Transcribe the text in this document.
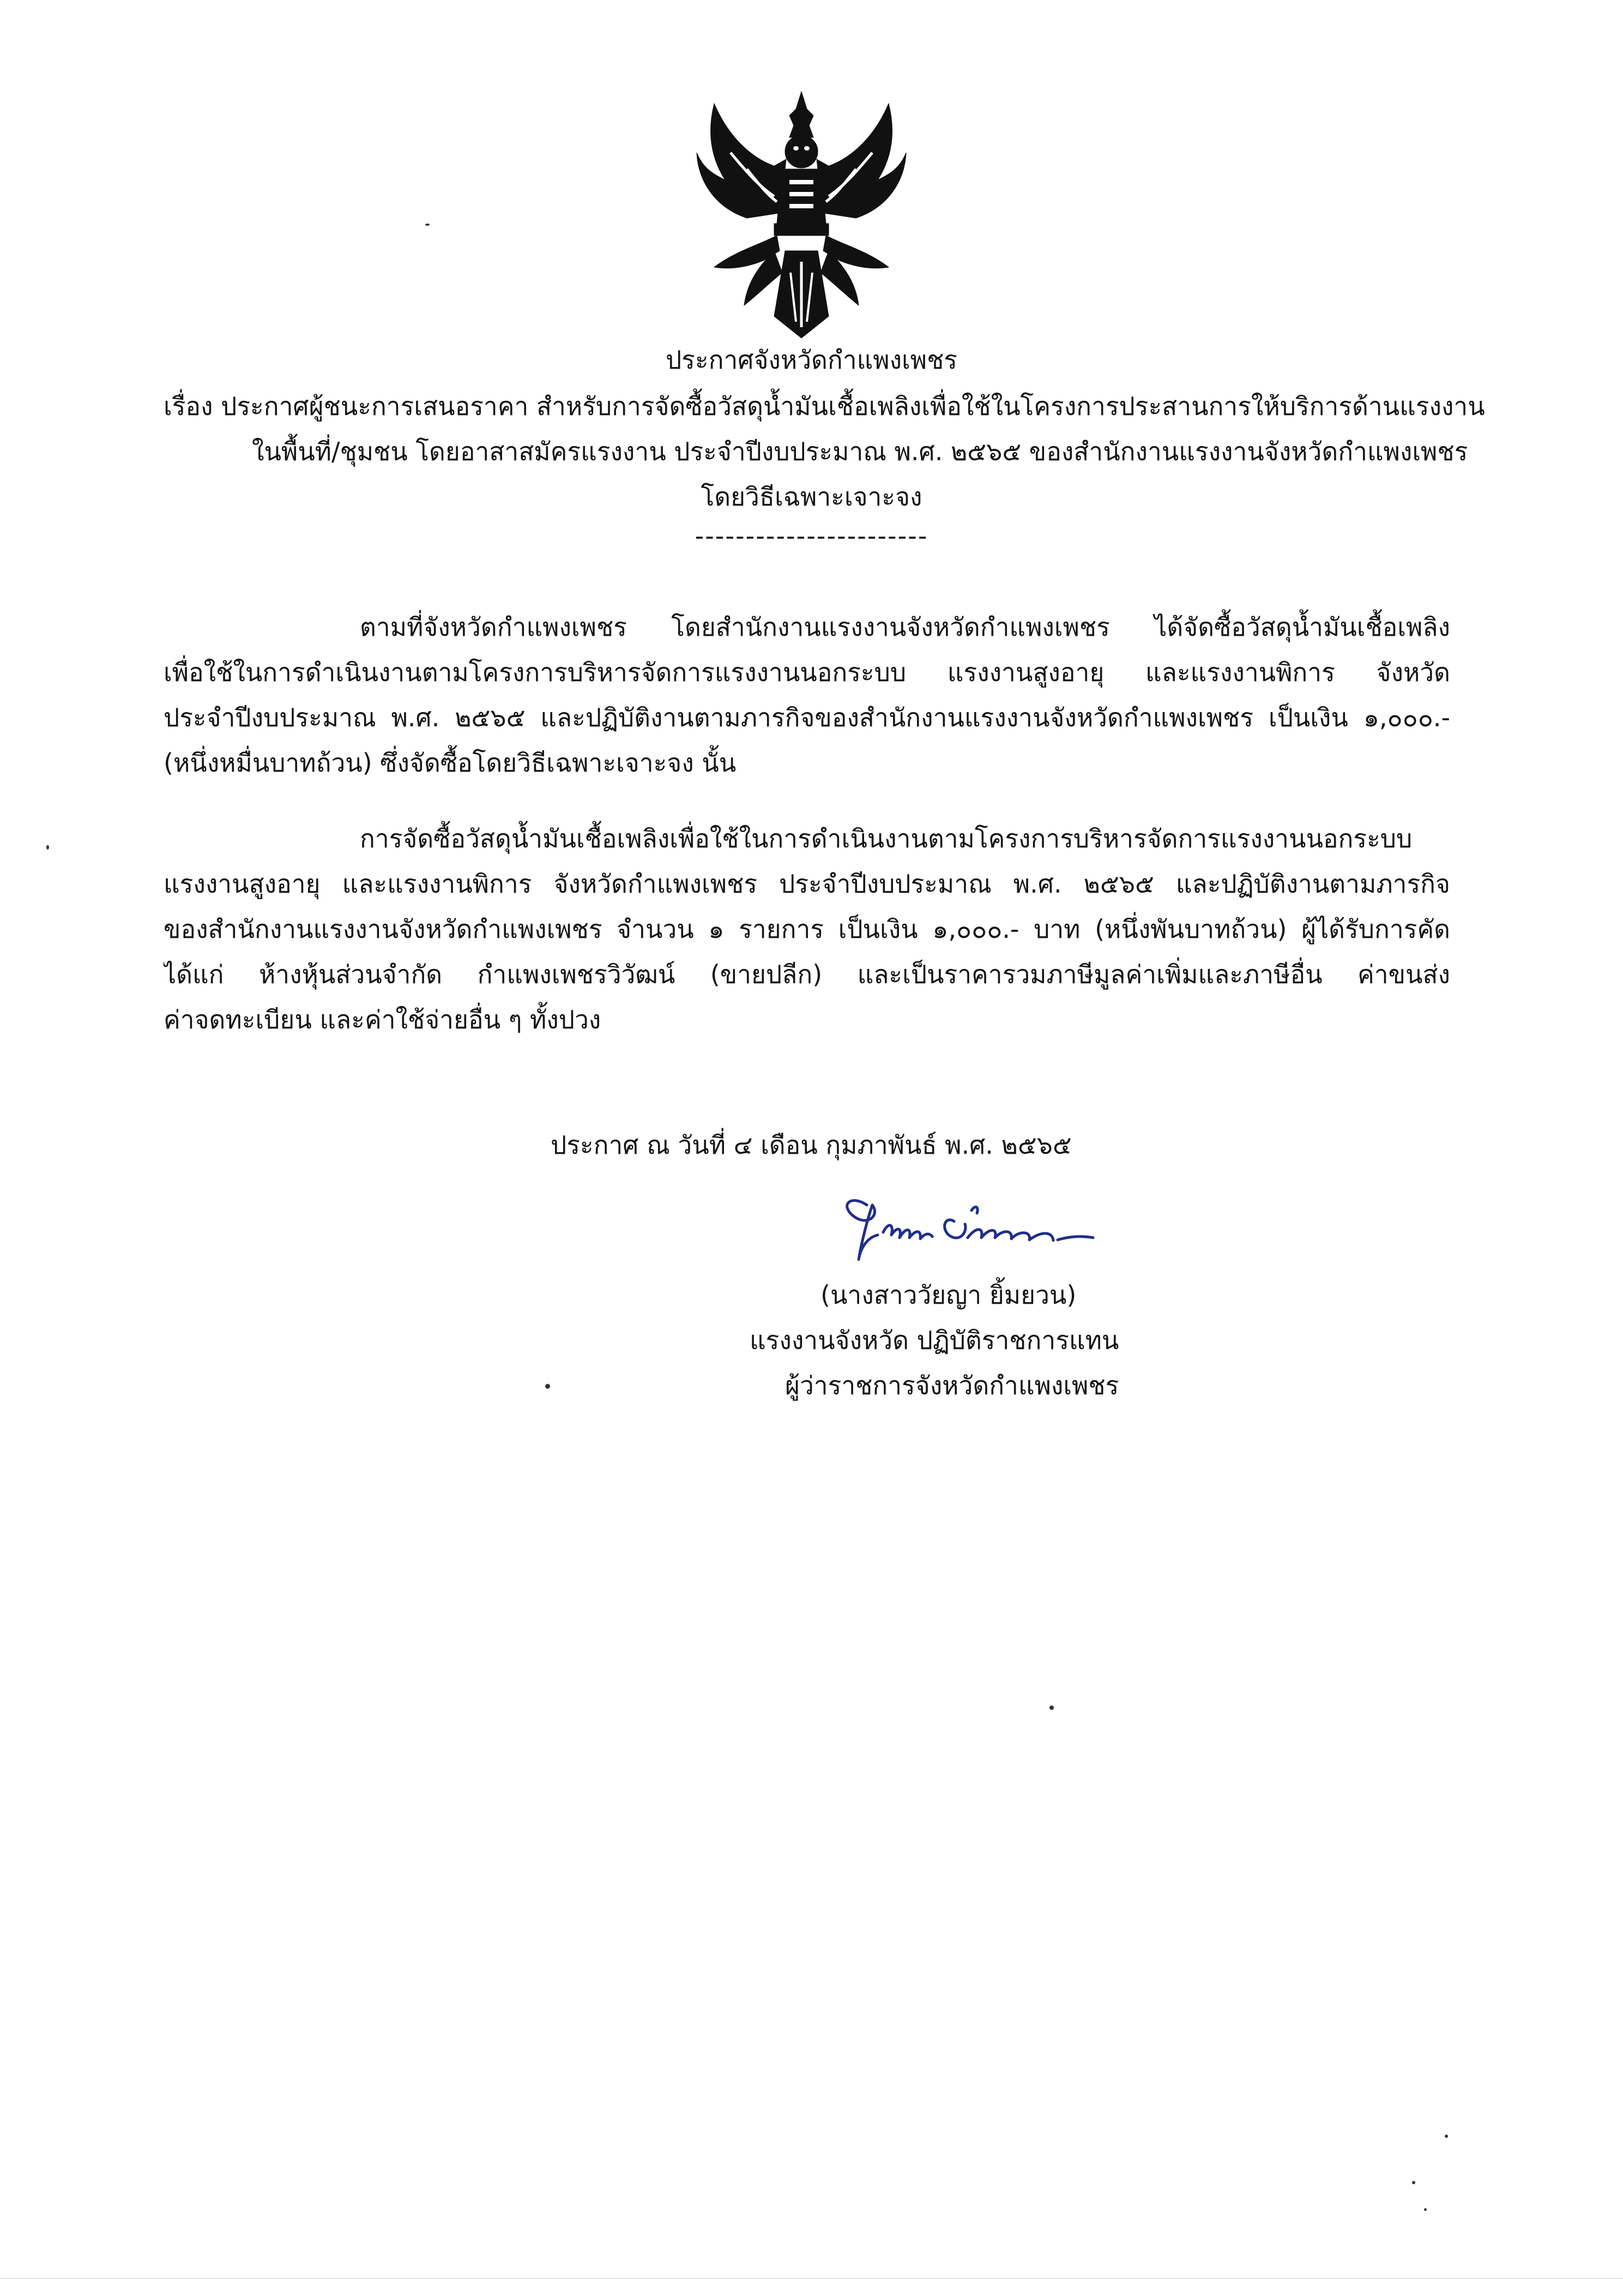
ประกาศจังหวัดกำแพงเพชร
เรื่อง ประกาศผู้ชนะการเสนอราคา สำหรับการจัดซื้อวัสดุน้ำมันเชื้อเพลิงเพื่อใช้ในโครงการประสานการให้บริการด้านแรงงาน
ในพื้นที่/ชุมชน โดยอาสาสมัครแรงงาน ประจำปีงบประมาณ พ.ศ. ๒๕๖๕ ของสำนักงานแรงงานจังหวัดกำแพงเพชร
โดยวิธีเฉพาะเจาะจง
-----------------------
ตามที่จังหวัดกำแพงเพชร โดยสำนักงานแรงงานจังหวัดกำแพงเพชร ได้จัดซื้อวัสดุน้ำมันเชื้อเพลิง
เพื่อใช้ในการดำเนินงานตามโครงการบริหารจัดการแรงงานนอกระบบ แรงงานสูงอายุ และแรงงานพิการ จังหวัด
ประจำปีงบประมาณ พ.ศ. ๒๕๖๕ และปฏิบัติงานตามภารกิจของสำนักงานแรงงานจังหวัดกำแพงเพชร เป็นเงิน ๑,๐๐๐.-
(หนึ่งหมื่นบาทถ้วน) ซึ่งจัดซื้อโดยวิธีเฉพาะเจาะจง นั้น
การจัดซื้อวัสดุน้ำมันเชื้อเพลิงเพื่อใช้ในการดำเนินงานตามโครงการบริหารจัดการแรงงานนอกระบบ
แรงงานสูงอายุ และแรงงานพิการ จังหวัดกำแพงเพชร ประจำปีงบประมาณ พ.ศ. ๒๕๖๕ และปฏิบัติงานตามภารกิจ
ของสำนักงานแรงงานจังหวัดกำแพงเพชร จำนวน ๑ รายการ เป็นเงิน ๑,๐๐๐.- บาท (หนึ่งพันบาทถ้วน) ผู้ได้รับการคัด
ได้แก่ ห้างหุ้นส่วนจำกัด กำแพงเพชรวิวัฒน์ (ขายปลีก) และเป็นราคารวมภาษีมูลค่าเพิ่มและภาษีอื่น ค่าขนส่ง
ค่าจดทะเบียน และค่าใช้จ่ายอื่น ๆ ทั้งปวง
ประกาศ ณ วันที่ ๔ เดือน กุมภาพันธ์ พ.ศ. ๒๕๖๕
(นางสาววัยญา ยิ้มยวน)
แรงงานจังหวัด ปฏิบัติราชการแทน
ผู้ว่าราชการจังหวัดกำแพงเพชร
